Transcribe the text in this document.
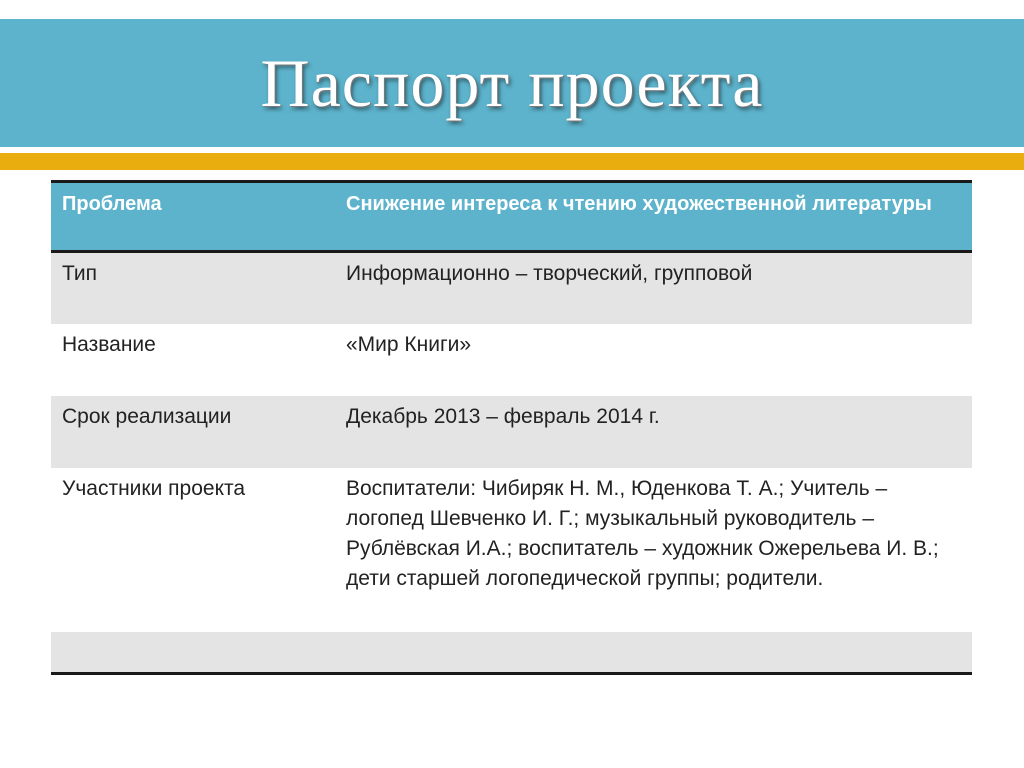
Паспорт проекта
Проблема	Снижение интереса к чтению художественной литературы
Тип	Информационно – творческий, групповой
Название	«Мир Книги»
Срок реализации	Декабрь 2013 – февраль 2014 г.
Участники проекта	Воспитатели: Чибиряк Н. М., Юденкова Т. А.; Учитель – логопед Шевченко И. Г.; музыкальный руководитель – Рублёвская И.А.; воспитатель – художник Ожерельева И. В.; дети старшей логопедической группы; родители.
